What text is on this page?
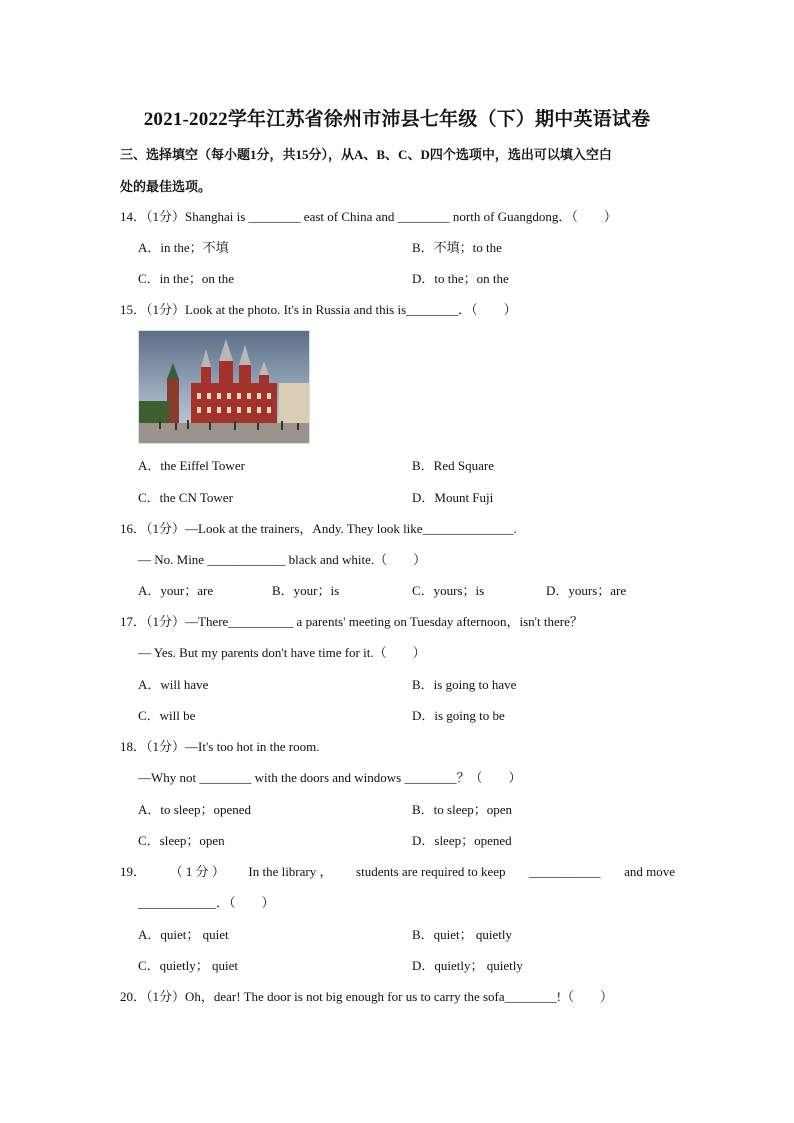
2021-2022学年江苏省徐州市沛县七年级（下）期中英语试卷
三、选择填空（每小题1分，共15分），从A、B、C、D四个选项中，选出可以填入空白
处的最佳选项。
14．（1分）Shanghai is ________ east of China and ________ north of Guangdong．（　　）
A．in the；不填	B．不填；to the
C．in the；on the	D．to the；on the
15．（1分）Look at the photo. It's in Russia and this is________．（　　）
A．the Eiffel Tower	B．Red Square
C．the CN Tower	D．Mount Fuji
16．（1分）—Look at the trainers，Andy. They look like______________.
— No. Mine ____________ black and white.（　　）
A．your；are	B．your；is	C．yours；is	D．yours；are
17．（1分）—There__________ a parents' meeting on Tuesday afternoon，isn't there？
— Yes. But my parents don't have time for it.（　　）
A．will have	B．is going to have
C．will be	D．is going to be
18．（1分）—It's too hot in the room.
—Why not ________ with the doors and windows ________？（　　）
A．to sleep；opened	B．to sleep；open
C．sleep；open	D．sleep；opened
19． （ 1 分 ） In the library ， students are required to keep ___________ and move
____________．（　　）
A．quiet； quiet	B．quiet； quietly
C．quietly； quiet	D．quietly； quietly
20．（1分）Oh，dear! The door is not big enough for us to carry the sofa________!（　　）
